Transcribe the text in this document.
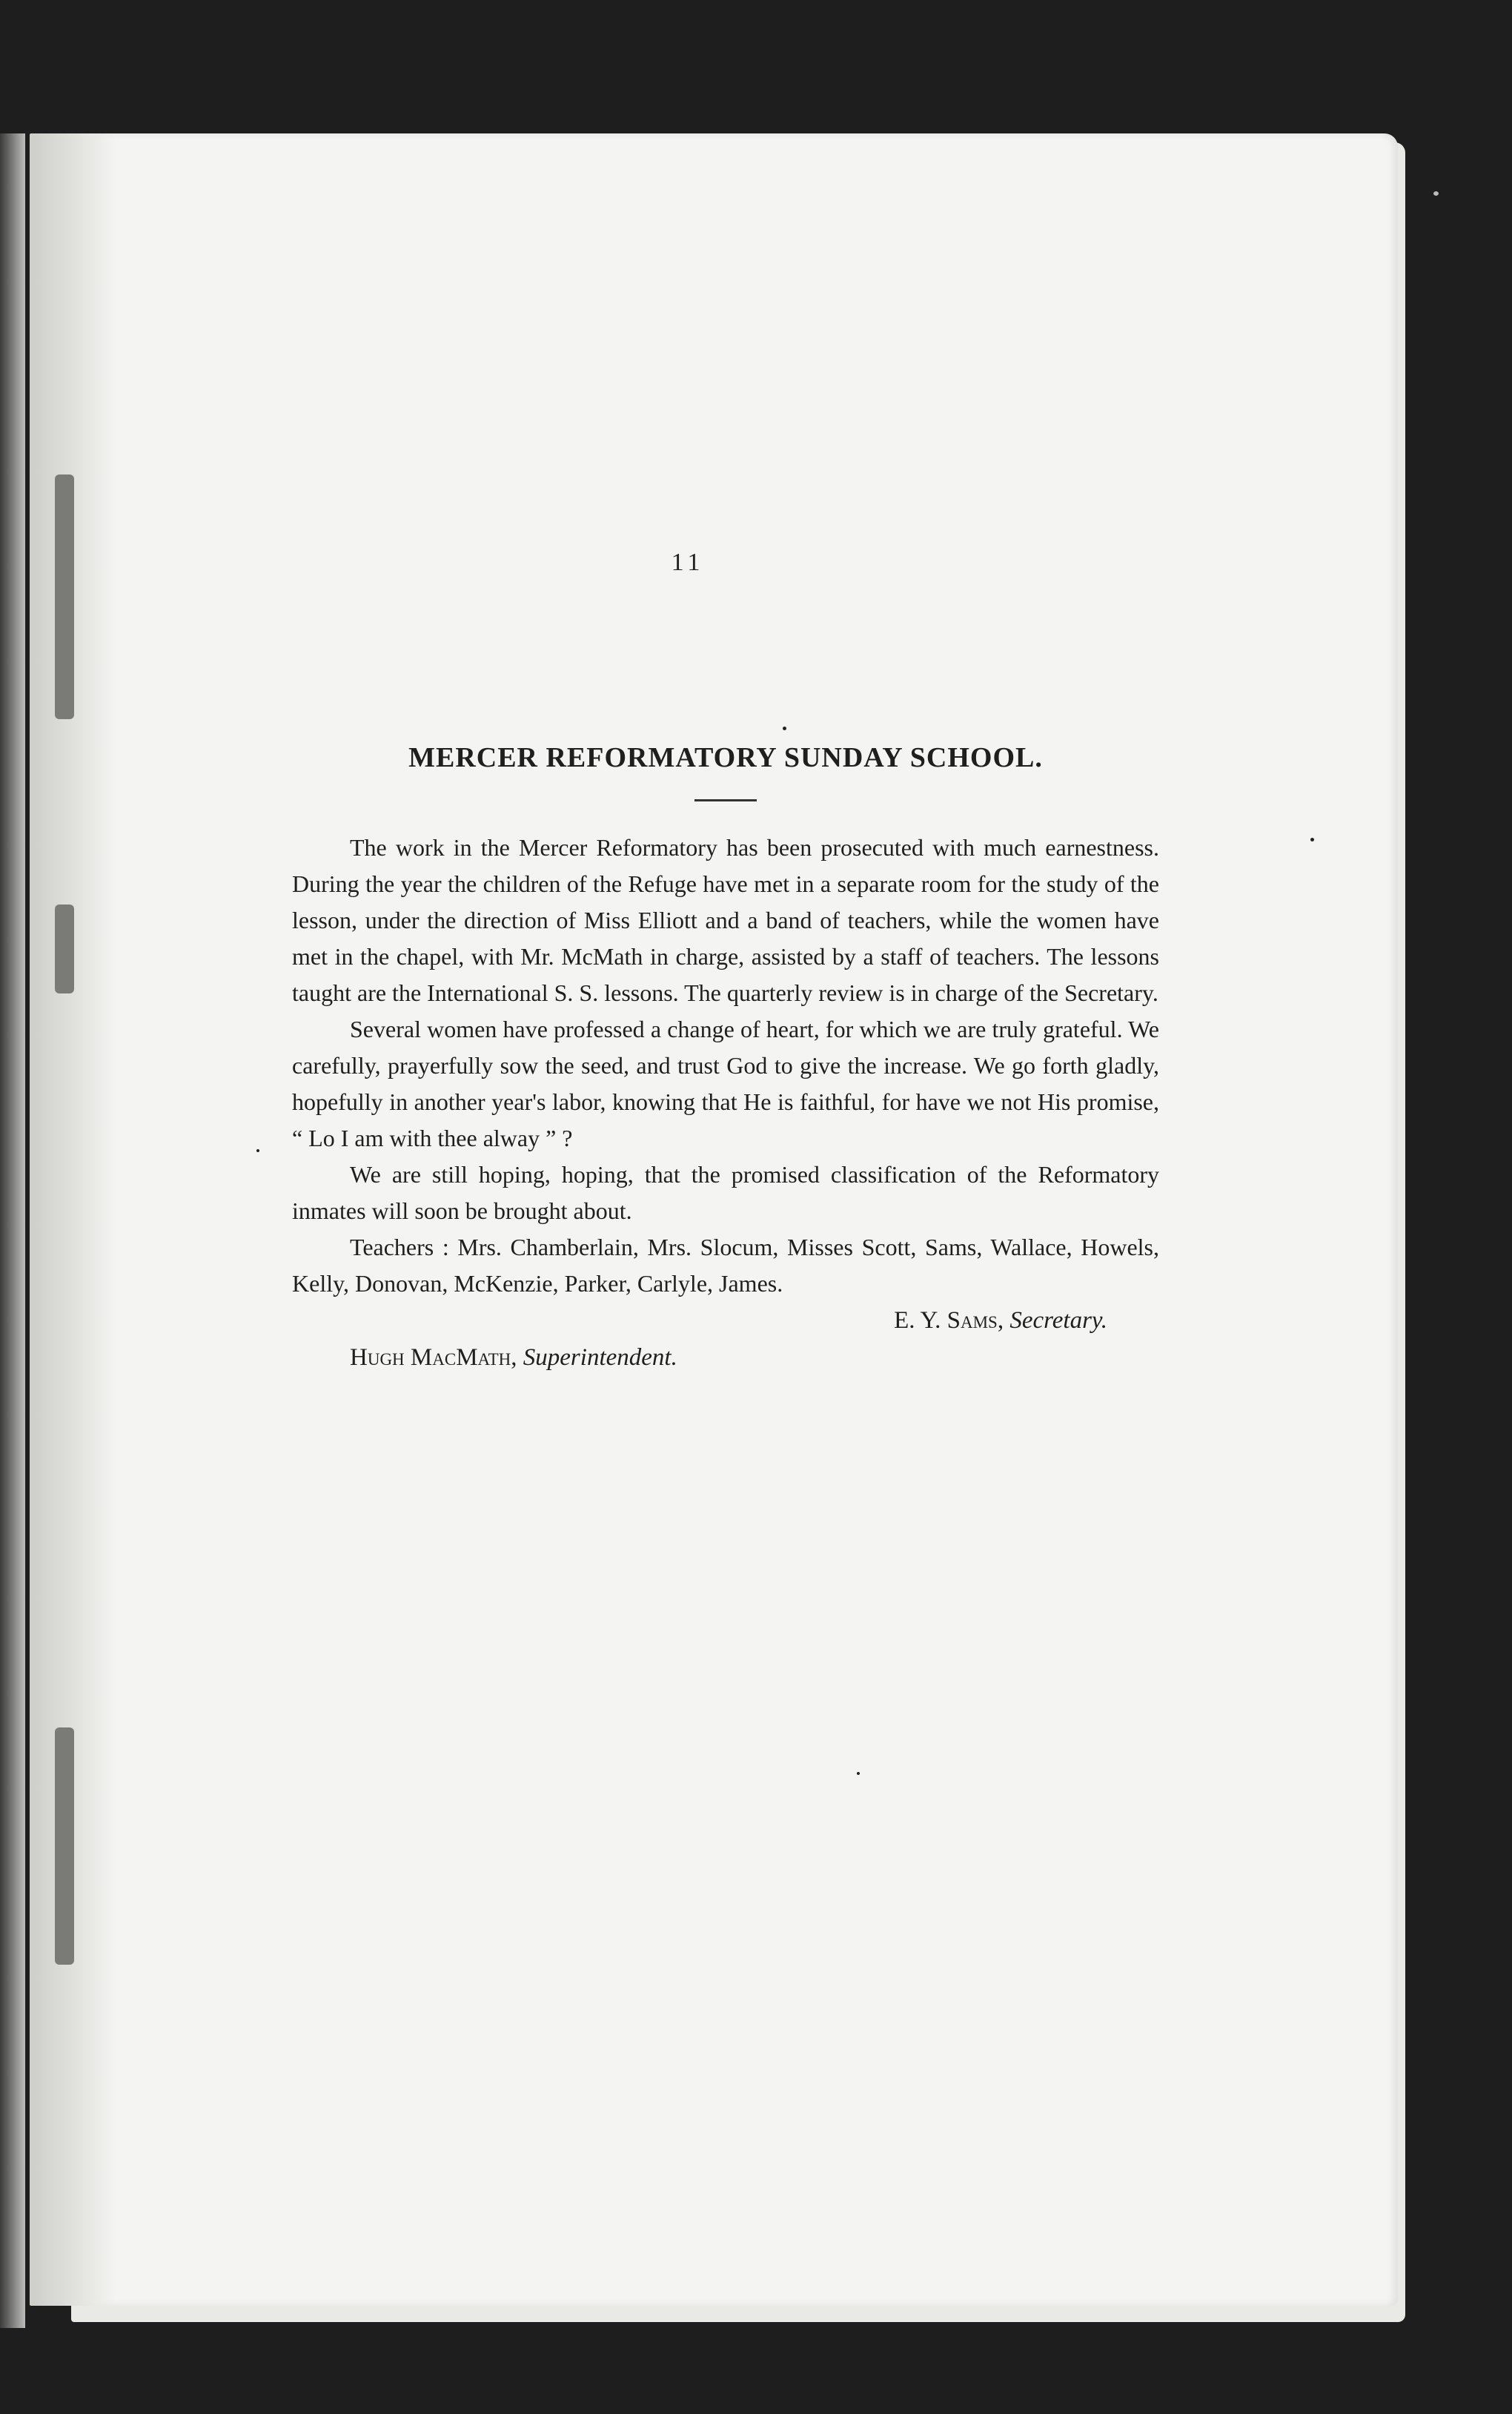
11
MERCER REFORMATORY SUNDAY SCHOOL.

The work in the Mercer Reformatory has been prosecuted with much earnestness. During the year the children of the Refuge have met in a separate room for the study of the lesson, under the direction of Miss Elliott and a band of teachers, while the women have met in the chapel, with Mr. McMath in charge, assisted by a staff of teachers. The lessons taught are the International S. S. lessons. The quarterly review is in charge of the Secretary.

Several women have professed a change of heart, for which we are truly grateful. We carefully, prayerfully sow the seed, and trust God to give the increase. We go forth gladly, hopefully in another year's labor, knowing that He is faithful, for have we not His promise, “ Lo I am with thee alway ” ?

We are still hoping, hoping, that the promised classification of the Reformatory inmates will soon be brought about.

Teachers : Mrs. Chamberlain, Mrs. Slocum, Misses Scott, Sams, Wallace, Howels, Kelly, Donovan, McKenzie, Parker, Carlyle, James.

E. Y. Sams, Secretary.

Hugh MacMath, Superintendent.
